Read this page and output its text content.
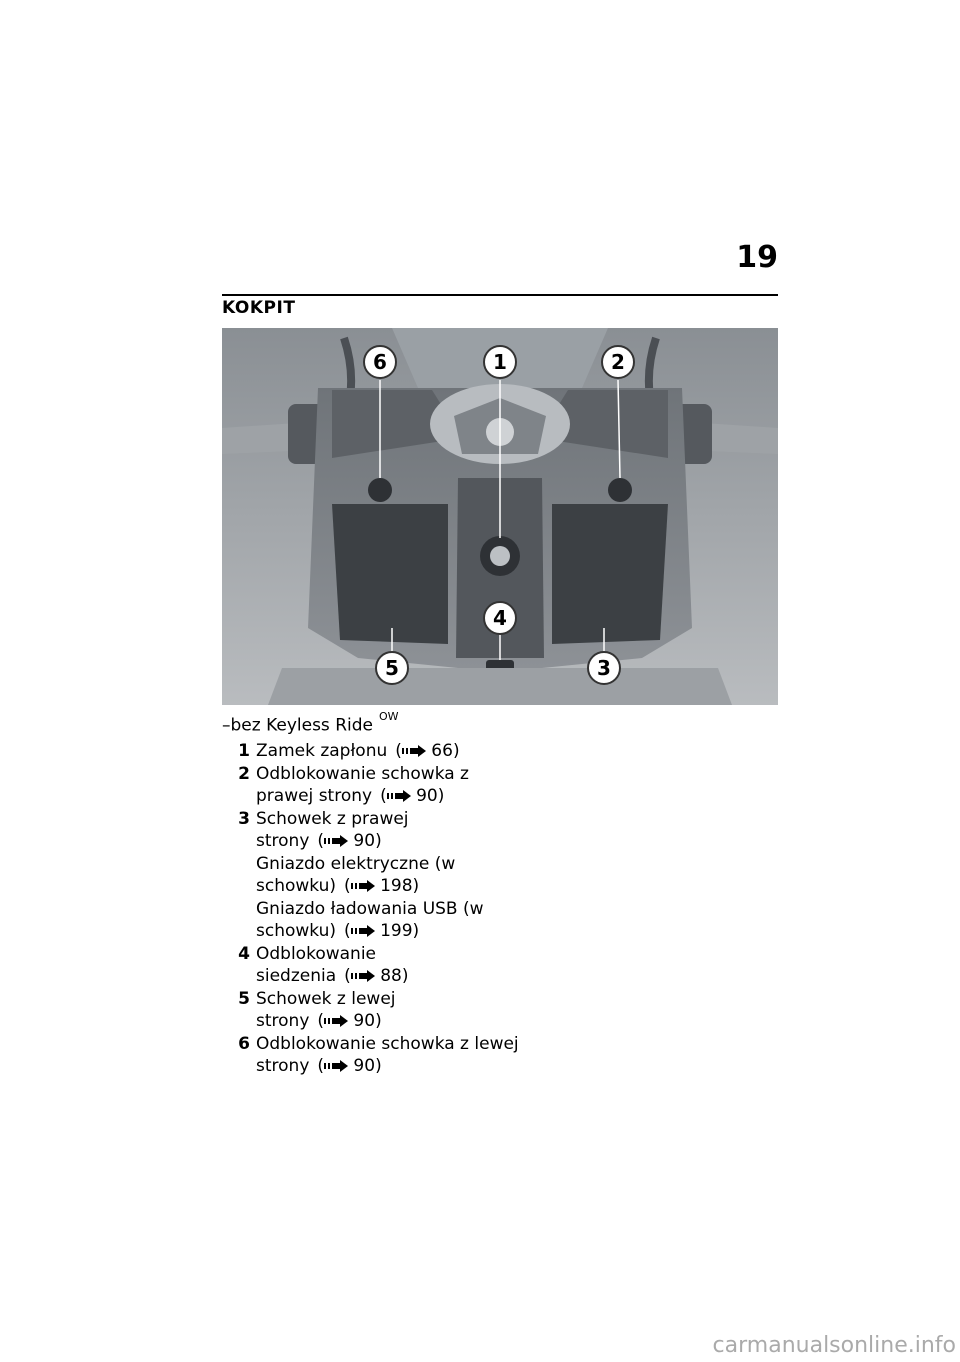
19
KOKPIT
6	1	2
4
5	3
–bez Keyless Ride $^{OW}$
1 Zamek zapłonu ( 66)
2 Odblokowanie schowka z prawej strony ( 90)
3 Schowek z prawej strony ( 90)
Gniazdo elektryczne (w schowku) ( 198)
Gniazdo ładowania USB (w schowku) ( 199)
4 Odblokowanie siedzenia ( 88)
5 Schowek z lewej strony ( 90)
6 Odblokowanie schowka z lewej strony ( 90)
carmanualsonline.info
